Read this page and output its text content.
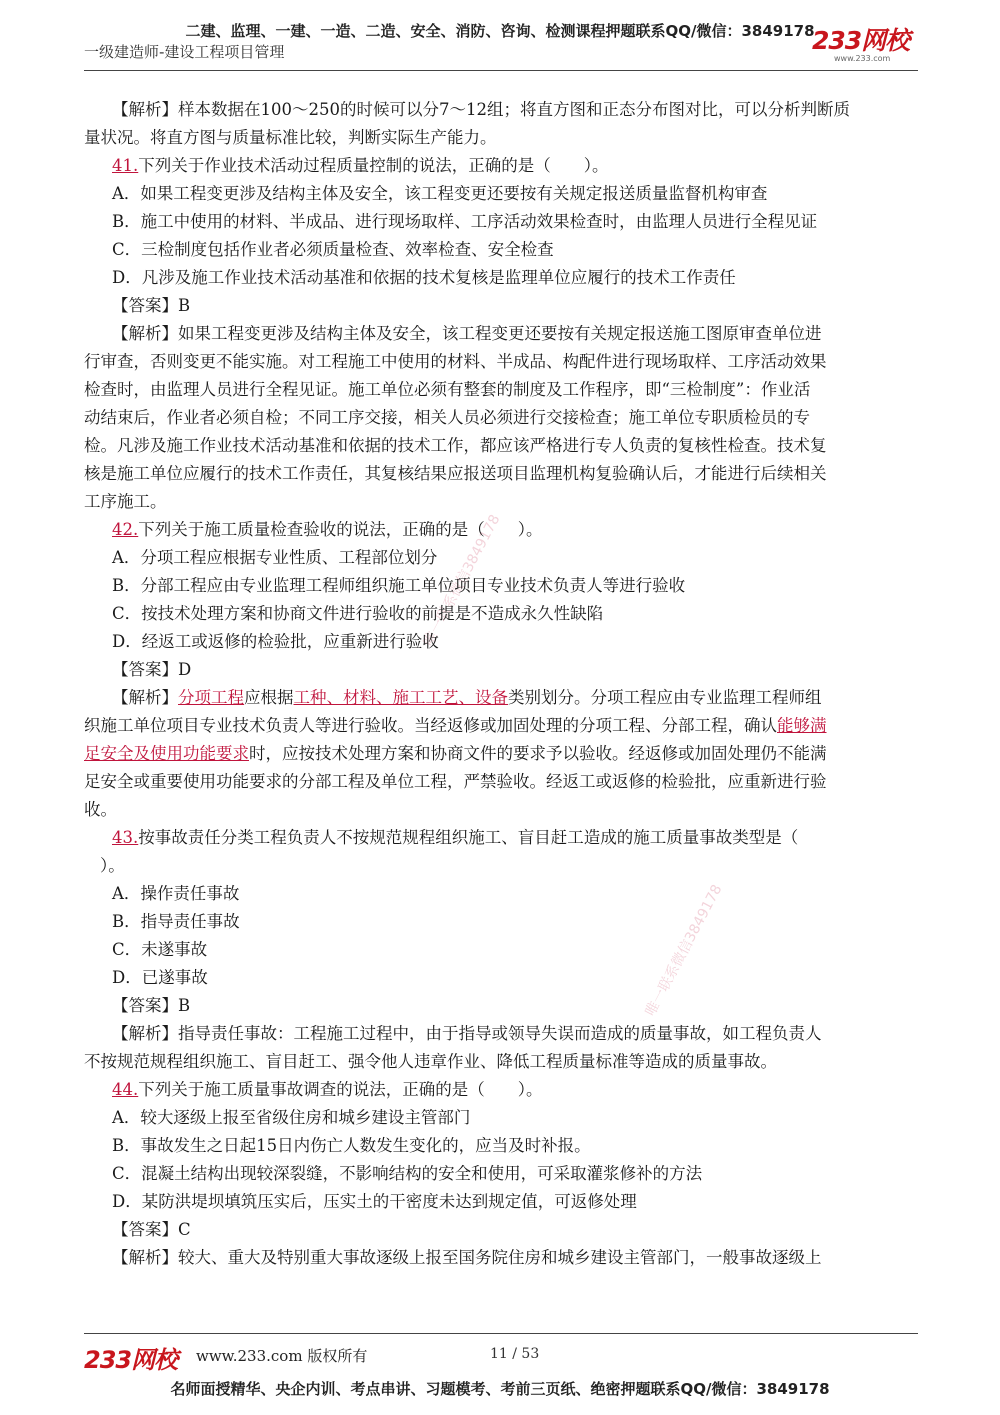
二建、监理、一建、一造、二造、安全、消防、咨询、检测课程押题联系QQ/微信：3849178
一级建造师-建设工程项目管理	233网校
www.233.com
唯一联系微信3849178
唯一联系微信3849178
【解析】样本数据在100～250的时候可以分7～12组；将直方图和正态分布图对比，可以分析判断质
量状况。将直方图与质量标准比较，判断实际生产能力。
41.下列关于作业技术活动过程质量控制的说法，正确的是（　　）。
A．如果工程变更涉及结构主体及安全，该工程变更还要按有关规定报送质量监督机构审查
B．施工中使用的材料、半成品、进行现场取样、工序活动效果检查时，由监理人员进行全程见证
C．三检制度包括作业者必须质量检查、效率检查、安全检查
D．凡涉及施工作业技术活动基准和依据的技术复核是监理单位应履行的技术工作责任
【答案】B
【解析】如果工程变更涉及结构主体及安全，该工程变更还要按有关规定报送施工图原审查单位进
行审查，否则变更不能实施。对工程施工中使用的材料、半成品、构配件进行现场取样、工序活动效果
检查时，由监理人员进行全程见证。施工单位必须有整套的制度及工作程序，即“三检制度”：作业活
动结束后，作业者必须自检；不同工序交接，相关人员必须进行交接检查；施工单位专职质检员的专
检。凡涉及施工作业技术活动基准和依据的技术工作，都应该严格进行专人负责的复核性检查。技术复
核是施工单位应履行的技术工作责任，其复核结果应报送项目监理机构复验确认后，才能进行后续相关
工序施工。
42.下列关于施工质量检查验收的说法，正确的是（　　）。
A．分项工程应根据专业性质、工程部位划分
B．分部工程应由专业监理工程师组织施工单位项目专业技术负责人等进行验收
C．按技术处理方案和协商文件进行验收的前提是不造成永久性缺陷
D．经返工或返修的检验批，应重新进行验收
【答案】D
【解析】分项工程应根据工种、材料、施工工艺、设备类别划分。分项工程应由专业监理工程师组
织施工单位项目专业技术负责人等进行验收。当经返修或加固处理的分项工程、分部工程，确认能够满
足安全及使用功能要求时，应按技术处理方案和协商文件的要求予以验收。经返修或加固处理仍不能满
足安全或重要使用功能要求的分部工程及单位工程，严禁验收。经返工或返修的检验批，应重新进行验
收。
43.按事故责任分类工程负责人不按规范规程组织施工、盲目赶工造成的施工质量事故类型是（
）。
A．操作责任事故
B．指导责任事故
C．未遂事故
D．已遂事故
【答案】B
【解析】指导责任事故：工程施工过程中，由于指导或领导失误而造成的质量事故，如工程负责人
不按规范规程组织施工、盲目赶工、强令他人违章作业、降低工程质量标准等造成的质量事故。
44.下列关于施工质量事故调查的说法，正确的是（　　）。
A．较大逐级上报至省级住房和城乡建设主管部门
B．事故发生之日起15日内伤亡人数发生变化的，应当及时补报。
C．混凝土结构出现较深裂缝，不影响结构的安全和使用，可采取灌浆修补的方法
D．某防洪堤坝填筑压实后，压实土的干密度未达到规定值，可返修处理
【答案】C
【解析】较大、重大及特别重大事故逐级上报至国务院住房和城乡建设主管部门，一般事故逐级上
233网校 www.233.com 版权所有	11 / 53
名师面授精华、央企内训、考点串讲、习题模考、考前三页纸、绝密押题联系QQ/微信：3849178
